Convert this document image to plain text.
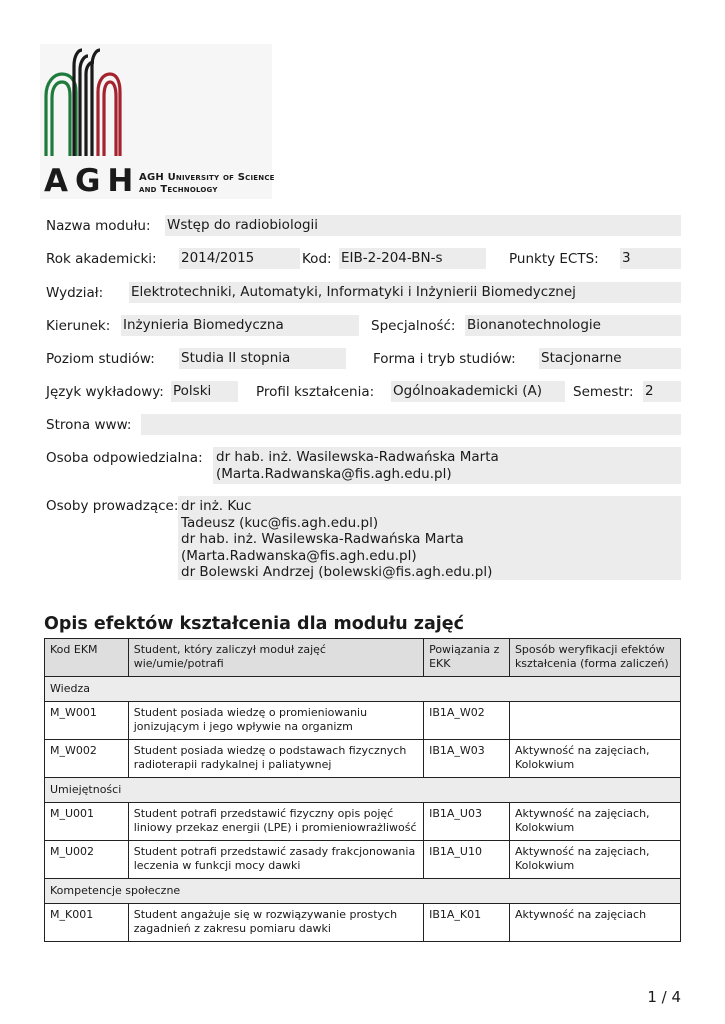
AGH
AGH University of Science
and Technology
Nazwa modułu: Wstęp do radiobiologii
Rok akademicki: 2014/2015	Kod: EIB-2-204-BN-s	Punkty ECTS: 3
Wydział: Elektrotechniki, Automatyki, Informatyki i Inżynierii Biomedycznej
Kierunek: Inżynieria Biomedyczna	Specjalność: Bionanotechnologie
Poziom studiów: Studia II stopnia	Forma i tryb studiów: Stacjonarne
Język wykładowy: Polski	Profil kształcenia: Ogólnoakademicki (A)	Semestr: 2
Strona www:
Osoba odpowiedzialna: dr hab. inż. Wasilewska-Radwańska Marta
(Marta.Radwanska@fis.agh.edu.pl)
Osoby prowadzące: dr inż. Kuc
Tadeusz (kuc@fis.agh.edu.pl)
dr hab. inż. Wasilewska-Radwańska Marta
(Marta.Radwanska@fis.agh.edu.pl)
dr Bolewski Andrzej (bolewski@fis.agh.edu.pl)
Opis efektów kształcenia dla modułu zajęć
Kod EKM	Student, który zaliczył moduł zajęć wie/umie/potrafi	Powiązania z EKK	Sposób weryfikacji efektów kształcenia (forma zaliczeń)
Wiedza			
M_W001	Student posiada wiedzę o promieniowaniu jonizującym i jego wpływie na organizm	IB1A_W02	
M_W002	Student posiada wiedzę o podstawach fizycznych radioterapii radykalnej i paliatywnej	IB1A_W03	Aktywność na zajęciach, Kolokwium
Umiejętności			
M_U001	Student potrafi przedstawić fizyczny opis pojęć liniowy przekaz energii (LPE) i promieniowrażliwość	IB1A_U03	Aktywność na zajęciach, Kolokwium
M_U002	Student potrafi przedstawić zasady frakcjonowania leczenia w funkcji mocy dawki	IB1A_U10	Aktywność na zajęciach, Kolokwium
Kompetencje społeczne			
M_K001	Student angażuje się w rozwiązywanie prostych zagadnień z zakresu pomiaru dawki	IB1A_K01	Aktywność na zajęciach
1 / 4
